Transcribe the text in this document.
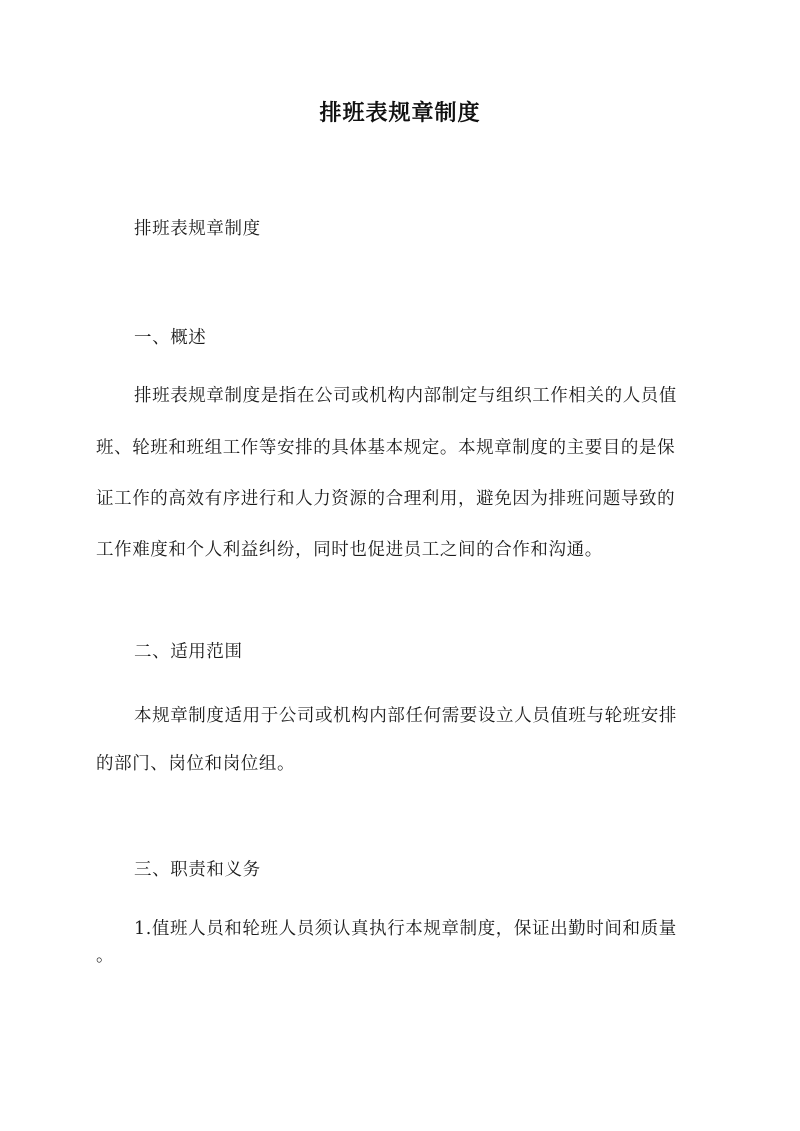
排班表规章制度
排班表规章制度
一、概述
排班表规章制度是指在公司或机构内部制定与组织工作相关的人员值
班、轮班和班组工作等安排的具体基本规定。本规章制度的主要目的是保
证工作的高效有序进行和人力资源的合理利用，避免因为排班问题导致的
工作难度和个人利益纠纷，同时也促进员工之间的合作和沟通。
二、适用范围
本规章制度适用于公司或机构内部任何需要设立人员值班与轮班安排
的部门、岗位和岗位组。
三、职责和义务
1.值班人员和轮班人员须认真执行本规章制度，保证出勤时间和质量
。
